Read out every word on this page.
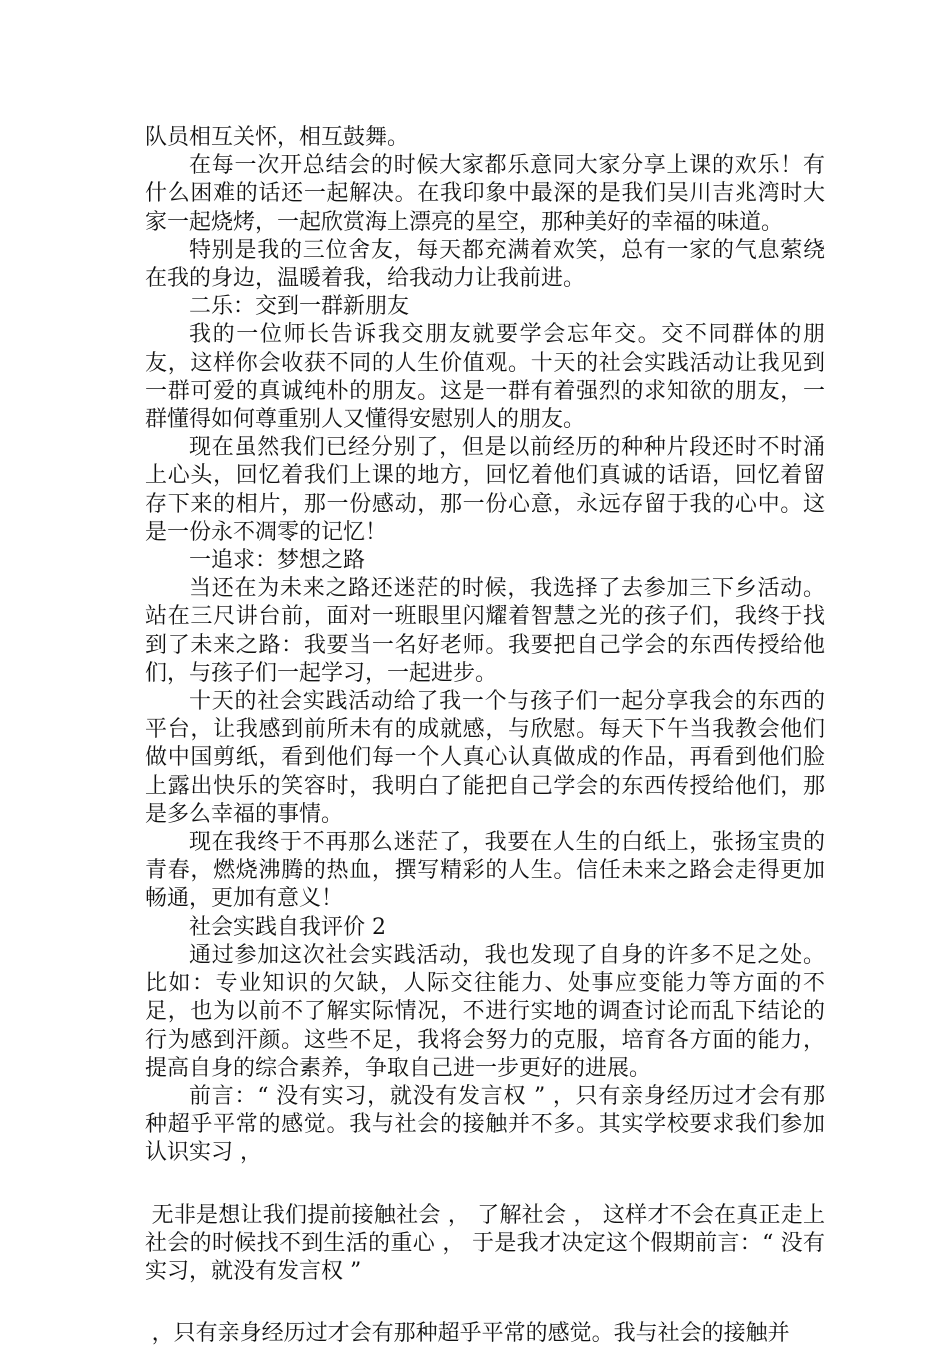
队员相互关怀，相互鼓舞。

在每一次开总结会的时候大家都乐意同大家分享上课的欢乐！有什么困难的话还一起解决。在我印象中最深的是我们吴川吉兆湾时大家一起烧烤，一起欣赏海上漂亮的星空，那种美好的幸福的味道。

特别是我的三位舍友，每天都充满着欢笑，总有一家的气息萦绕在我的身边，温暖着我，给我动力让我前进。

二乐：交到一群新朋友

我的一位师长告诉我交朋友就要学会忘年交。交不同群体的朋友，这样你会收获不同的人生价值观。十天的社会实践活动让我见到一群可爱的真诚纯朴的朋友。这是一群有着强烈的求知欲的朋友，一群懂得如何尊重别人又懂得安慰别人的朋友。

现在虽然我们已经分别了，但是以前经历的种种片段还时不时涌上心头，回忆着我们上课的地方，回忆着他们真诚的话语，回忆着留存下来的相片，那一份感动，那一份心意，永远存留于我的心中。这是一份永不凋零的记忆！

一追求：梦想之路

当还在为未来之路还迷茫的时候，我选择了去参加三下乡活动。站在三尺讲台前，面对一班眼里闪耀着智慧之光的孩子们，我终于找到了未来之路：我要当一名好老师。我要把自己学会的东西传授给他们，与孩子们一起学习，一起进步。

十天的社会实践活动给了我一个与孩子们一起分享我会的东西的平台，让我感到前所未有的成就感，与欣慰。每天下午当我教会他们做中国剪纸，看到他们每一个人真心认真做成的作品，再看到他们脸上露出快乐的笑容时，我明白了能把自己学会的东西传授给他们，那是多么幸福的事情。

现在我终于不再那么迷茫了，我要在人生的白纸上，张扬宝贵的青春，燃烧沸腾的热血，撰写精彩的人生。信任未来之路会走得更加畅通，更加有意义！

社会实践自我评价 2

通过参加这次社会实践活动，我也发现了自身的许多不足之处。比如：专业知识的欠缺，人际交往能力、处事应变能力等方面的不足，也为以前不了解实际情况，不进行实地的调查讨论而乱下结论的行为感到汗颜。这些不足，我将会努力的克服，培育各方面的能力，提高自身的综合素养，争取自己进一步更好的进展。

前言：“ 没有实习，就没有发言权 ” ，只有亲身经历过才会有那种超乎平常的感觉。我与社会的接触并不多。其实学校要求我们参加认识实习 ，

无非是想让我们提前接触社会 ， 了解社会 ， 这样才不会在真正走上社会的时候找不到生活的重心 ， 于是我才决定这个假期前言：“ 没有实习，就没有发言权 ”

，只有亲身经历过才会有那种超乎平常的感觉。我与社会的接触并
